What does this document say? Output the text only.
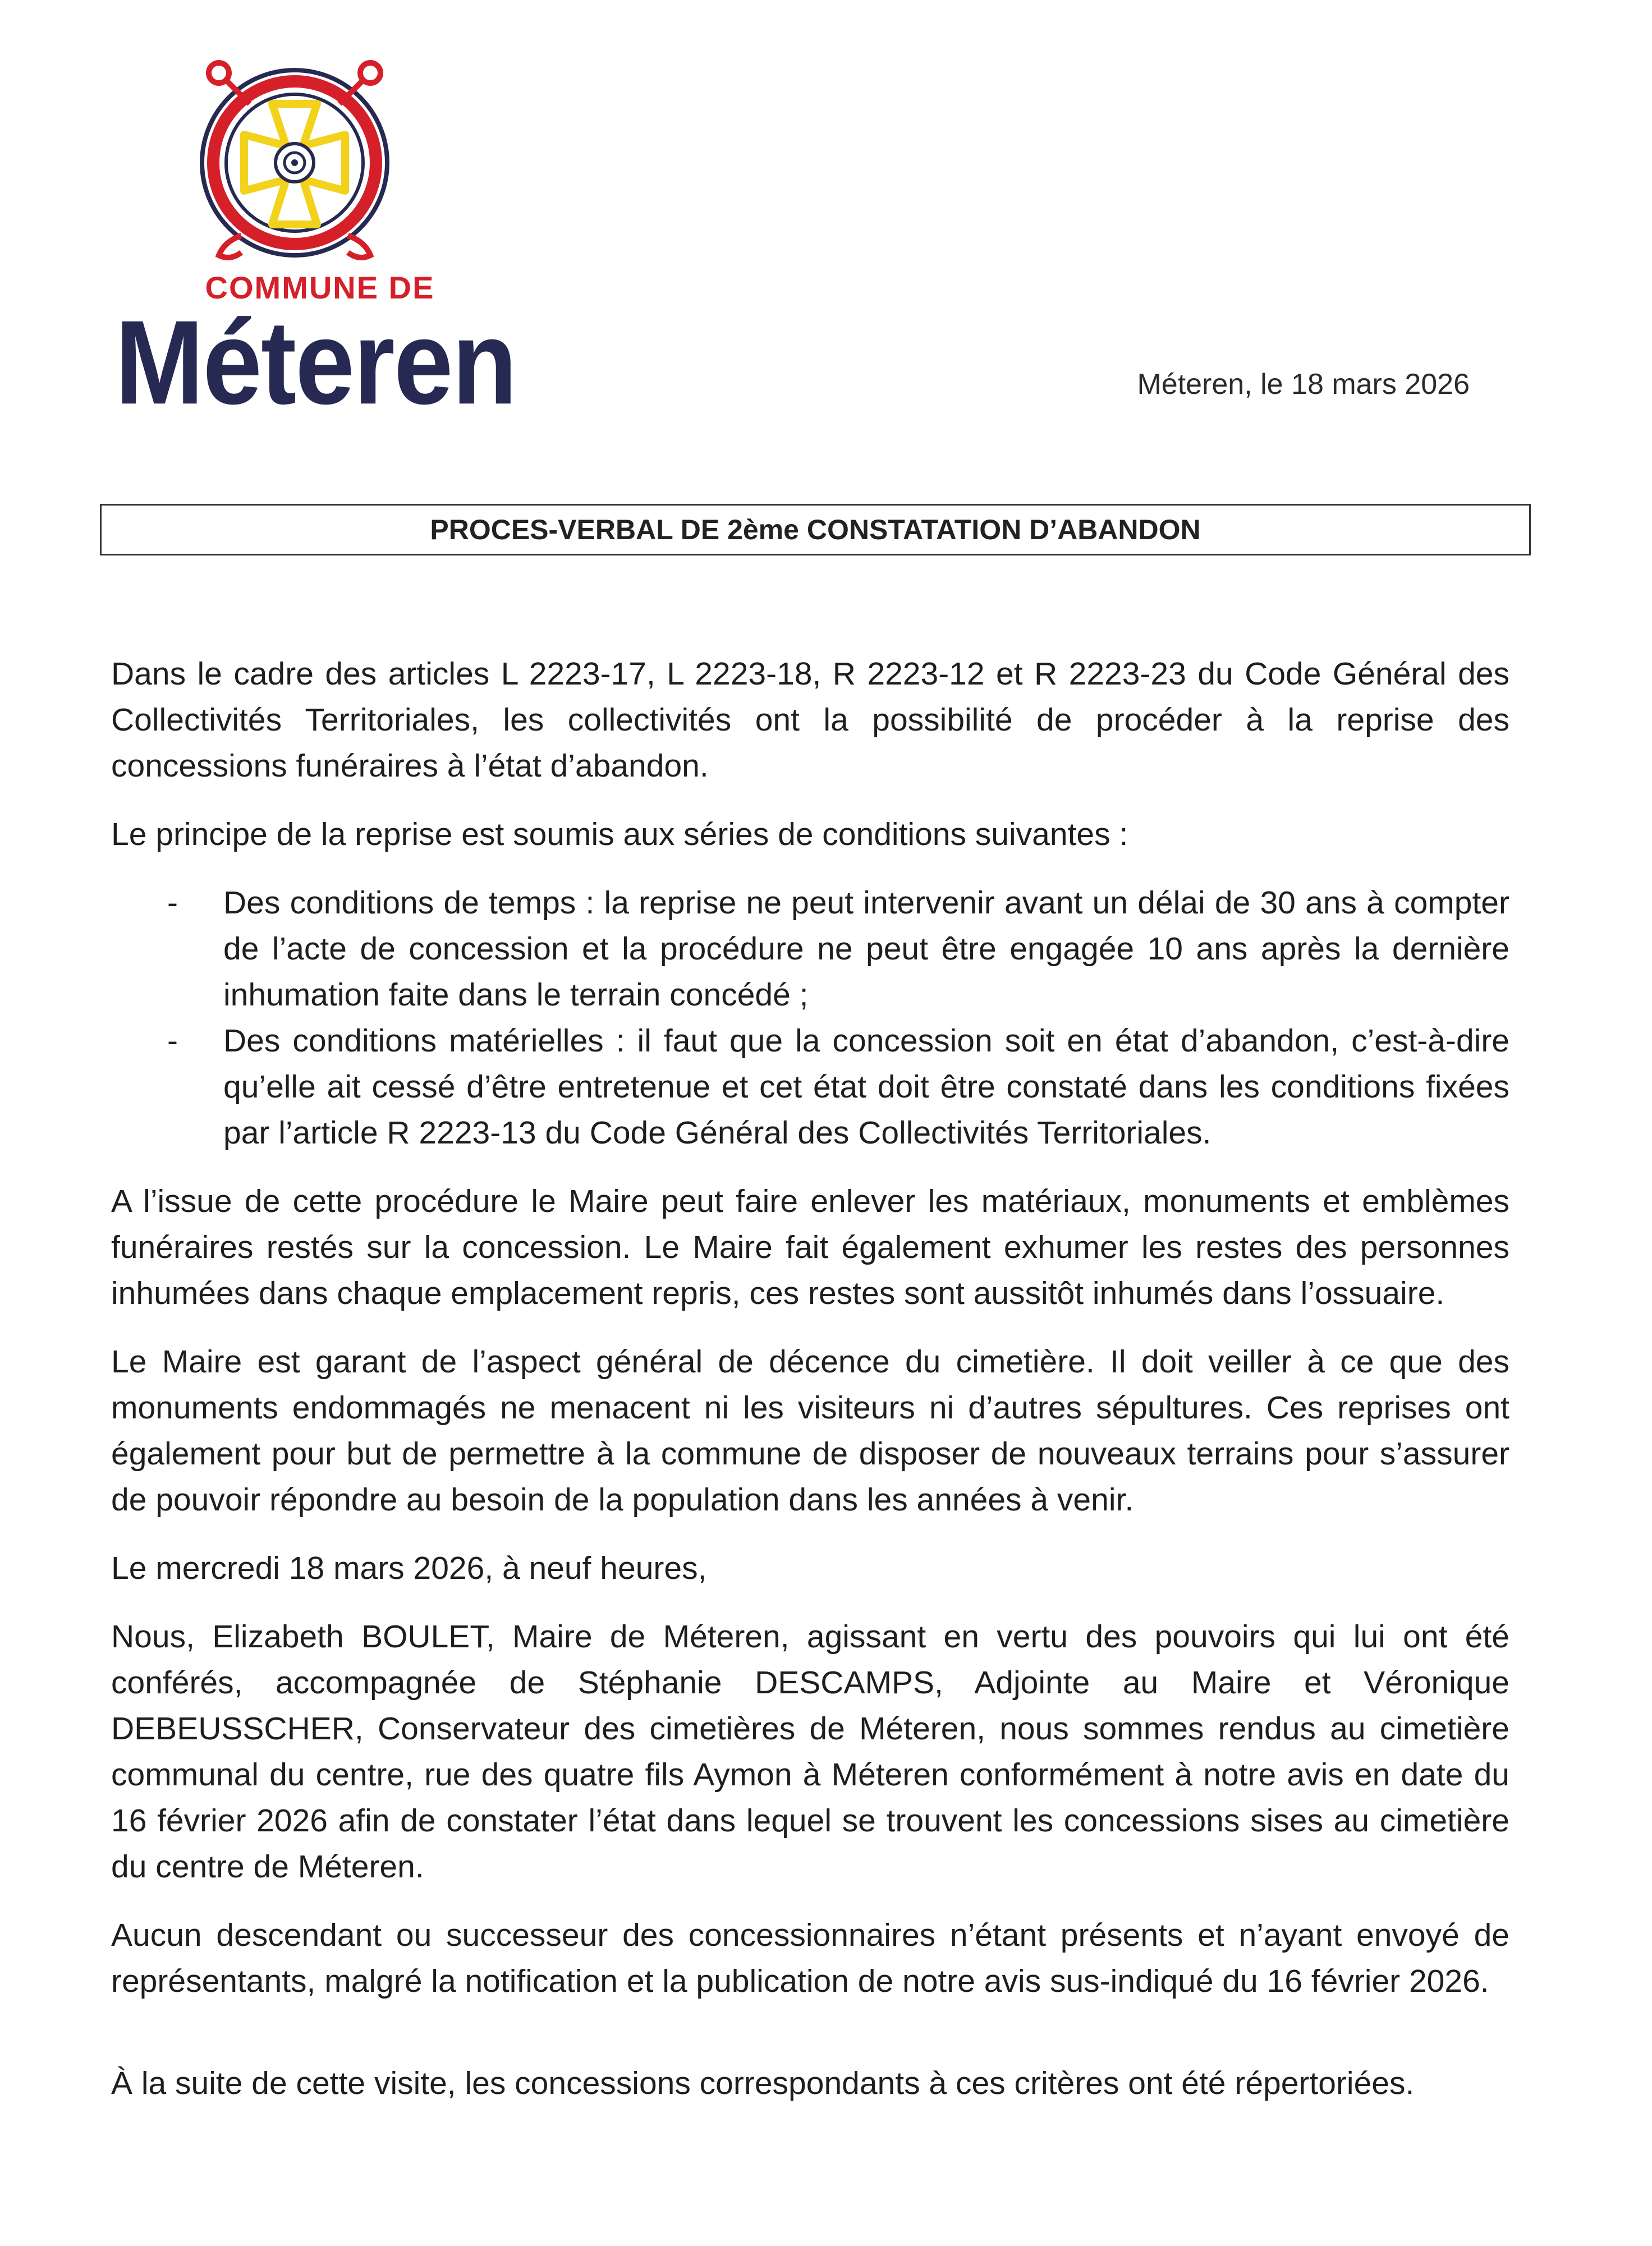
COMMUNE DE
Méteren	Méteren, le 18 mars 2026
PROCES-VERBAL DE 2ème CONSTATATION D’ABANDON

Dans le cadre des articles L 2223-17, L 2223-18, R 2223-12 et R 2223-23 du Code Général des Collectivités Territoriales, les collectivités ont la possibilité de procéder à la reprise des concessions funéraires à l’état d’abandon.

Le principe de la reprise est soumis aux séries de conditions suivantes :

- Des conditions de temps : la reprise ne peut intervenir avant un délai de 30 ans à compter de l’acte de concession et la procédure ne peut être engagée 10 ans après la dernière inhumation faite dans le terrain concédé ;
- Des conditions matérielles : il faut que la concession soit en état d’abandon, c’est-à-dire qu’elle ait cessé d’être entretenue et cet état doit être constaté dans les conditions fixées par l’article R 2223-13 du Code Général des Collectivités Territoriales.

A l’issue de cette procédure le Maire peut faire enlever les matériaux, monuments et emblèmes funéraires restés sur la concession. Le Maire fait également exhumer les restes des personnes inhumées dans chaque emplacement repris, ces restes sont aussitôt inhumés dans l’ossuaire.

Le Maire est garant de l’aspect général de décence du cimetière. Il doit veiller à ce que des monuments endommagés ne menacent ni les visiteurs ni d’autres sépultures. Ces reprises ont également pour but de permettre à la commune de disposer de nouveaux terrains pour s’assurer de pouvoir répondre au besoin de la population dans les années à venir.

Le mercredi 18 mars 2026, à neuf heures,

Nous, Elizabeth BOULET, Maire de Méteren, agissant en vertu des pouvoirs qui lui ont été conférés, accompagnée de Stéphanie DESCAMPS, Adjointe au Maire et Véronique DEBEUSSCHER, Conservateur des cimetières de Méteren, nous sommes rendus au cimetière communal du centre, rue des quatre fils Aymon à Méteren conformément à notre avis en date du 16 février 2026 afin de constater l’état dans lequel se trouvent les concessions sises au cimetière du centre de Méteren.

Aucun descendant ou successeur des concessionnaires n’étant présents et n’ayant envoyé de représentants, malgré la notification et la publication de notre avis sus-indiqué du 16 février 2026.

À la suite de cette visite, les concessions correspondants à ces critères ont été répertoriées.
